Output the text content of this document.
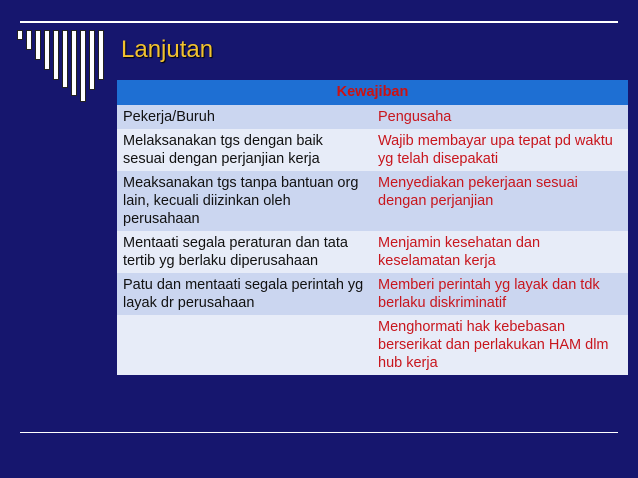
Lanjutan
Kewajiban	
Pekerja/Buruh	Pengusaha
Melaksanakan tgs dengan baik sesuai dengan perjanjian kerja	Wajib membayar upa tepat pd waktu yg telah disepakati
Meaksanakan tgs tanpa bantuan org lain, kecuali diizinkan oleh perusahaan	Menyediakan pekerjaan sesuai dengan perjanjian
Mentaati segala peraturan dan tata tertib yg berlaku diperusahaan	Menjamin kesehatan dan keselamatan kerja
Patu dan mentaati segala perintah yg layak dr perusahaan	Memberi perintah yg layak dan tdk berlaku diskriminatif
	Menghormati hak kebebasan berserikat dan perlakukan HAM dlm hub kerja
